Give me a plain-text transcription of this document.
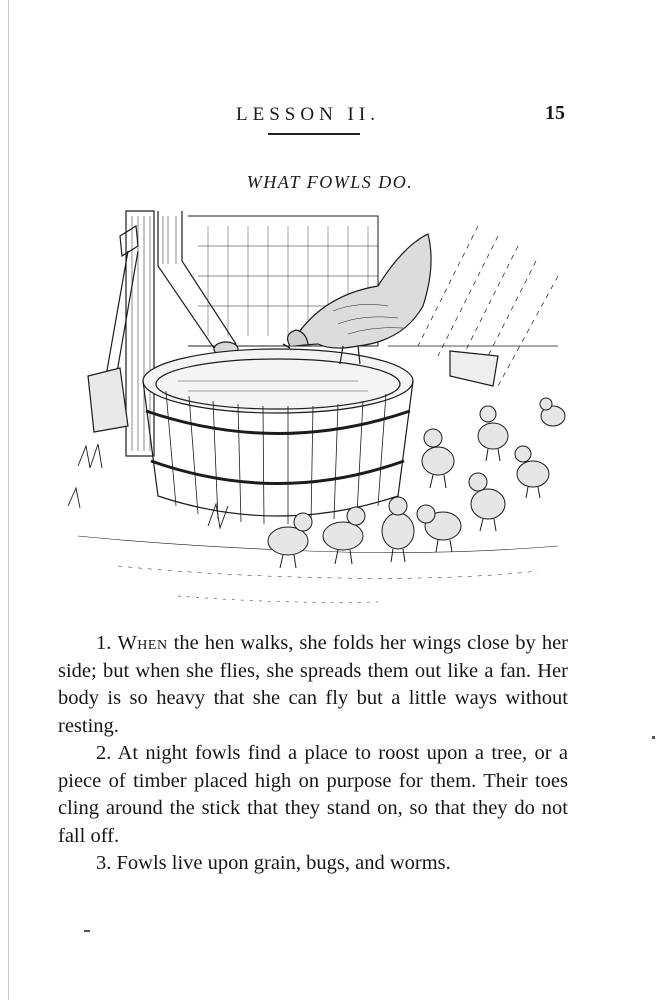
LESSON II.	15
WHAT FOWLS DO.

1. When the hen walks, she folds her wings close by her side; but when she flies, she spreads them out like a fan. Her body is so heavy that she can fly but a little ways without resting.

2. At night fowls find a place to roost upon a tree, or a piece of timber placed high on purpose for them. Their toes cling around the stick that they stand on, so that they do not fall off.

3. Fowls live upon grain, bugs, and worms.
